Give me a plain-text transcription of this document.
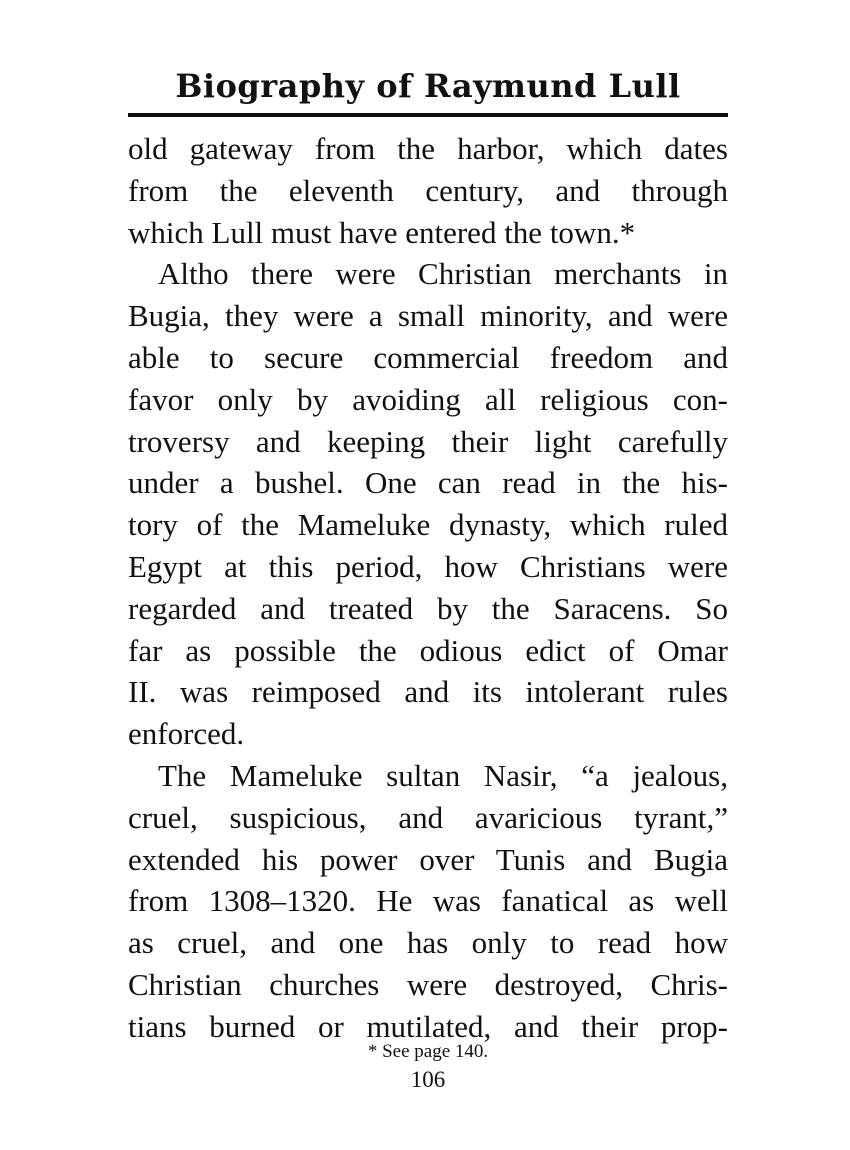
Biography of Raymund Lull
old gateway from the harbor, which dates
from the eleventh century, and through
which Lull must have entered the town.*
Altho there were Christian merchants in
Bugia, they were a small minority, and were
able to secure commercial freedom and
favor only by avoiding all religious con-
troversy and keeping their light carefully
under a bushel. One can read in the his-
tory of the Mameluke dynasty, which ruled
Egypt at this period, how Christians were
regarded and treated by the Saracens. So
far as possible the odious edict of Omar
II. was reimposed and its intolerant rules
enforced.
The Mameluke sultan Nasir, “a jealous,
cruel, suspicious, and avaricious tyrant,”
extended his power over Tunis and Bugia
from 1308–1320. He was fanatical as well
as cruel, and one has only to read how
Christian churches were destroyed, Chris-
tians burned or mutilated, and their prop-
* See page 140.
106
